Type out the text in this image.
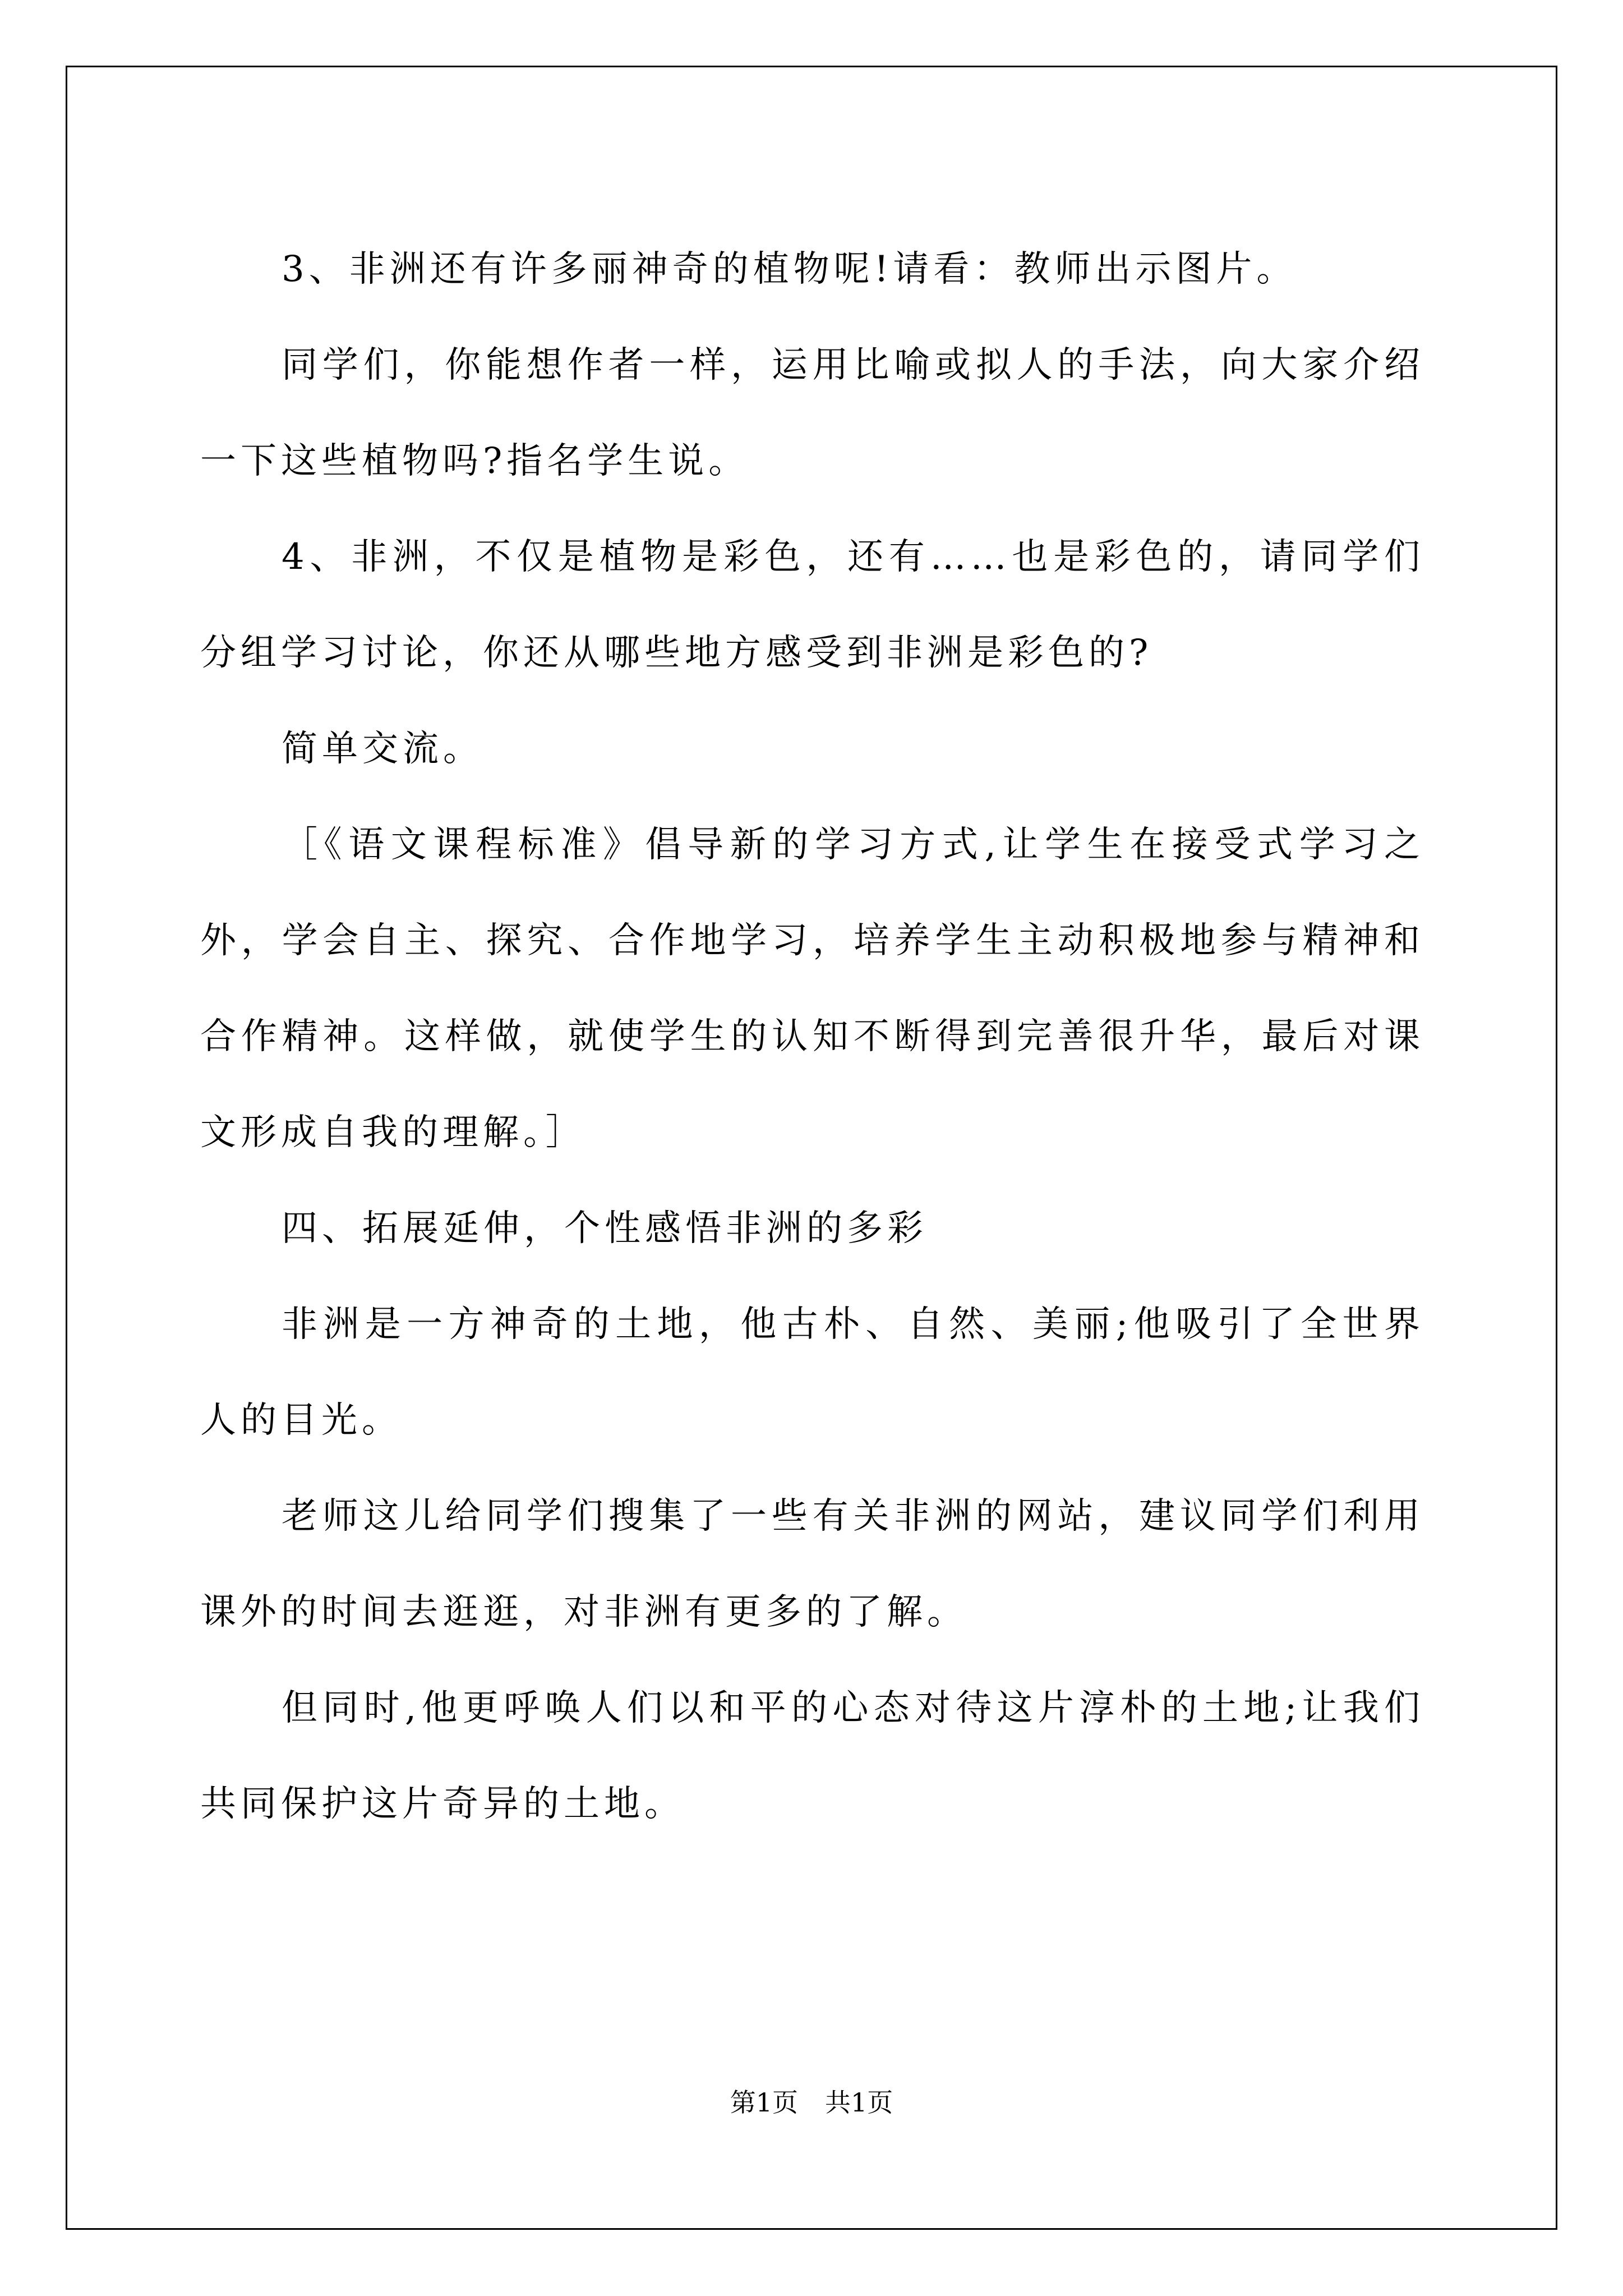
3、非洲还有许多丽神奇的植物呢!请看：教师出示图片。

同学们，你能想作者一样，运用比喻或拟人的手法，向大家介绍一下这些植物吗?指名学生说。

4、非洲，不仅是植物是彩色，还有……也是彩色的，请同学们分组学习讨论，你还从哪些地方感受到非洲是彩色的?

简单交流。

［《语文课程标准》倡导新的学习方式,让学生在接受式学习之外，学会自主、探究、合作地学习，培养学生主动积极地参与精神和合作精神。这样做，就使学生的认知不断得到完善很升华，最后对课文形成自我的理解。］

四、拓展延伸，个性感悟非洲的多彩

非洲是一方神奇的土地，他古朴、自然、美丽;他吸引了全世界人的目光。

老师这儿给同学们搜集了一些有关非洲的网站，建议同学们利用课外的时间去逛逛，对非洲有更多的了解。

但同时,他更呼唤人们以和平的心态对待这片淳朴的土地;让我们共同保护这片奇异的土地。

第1页 共1页
